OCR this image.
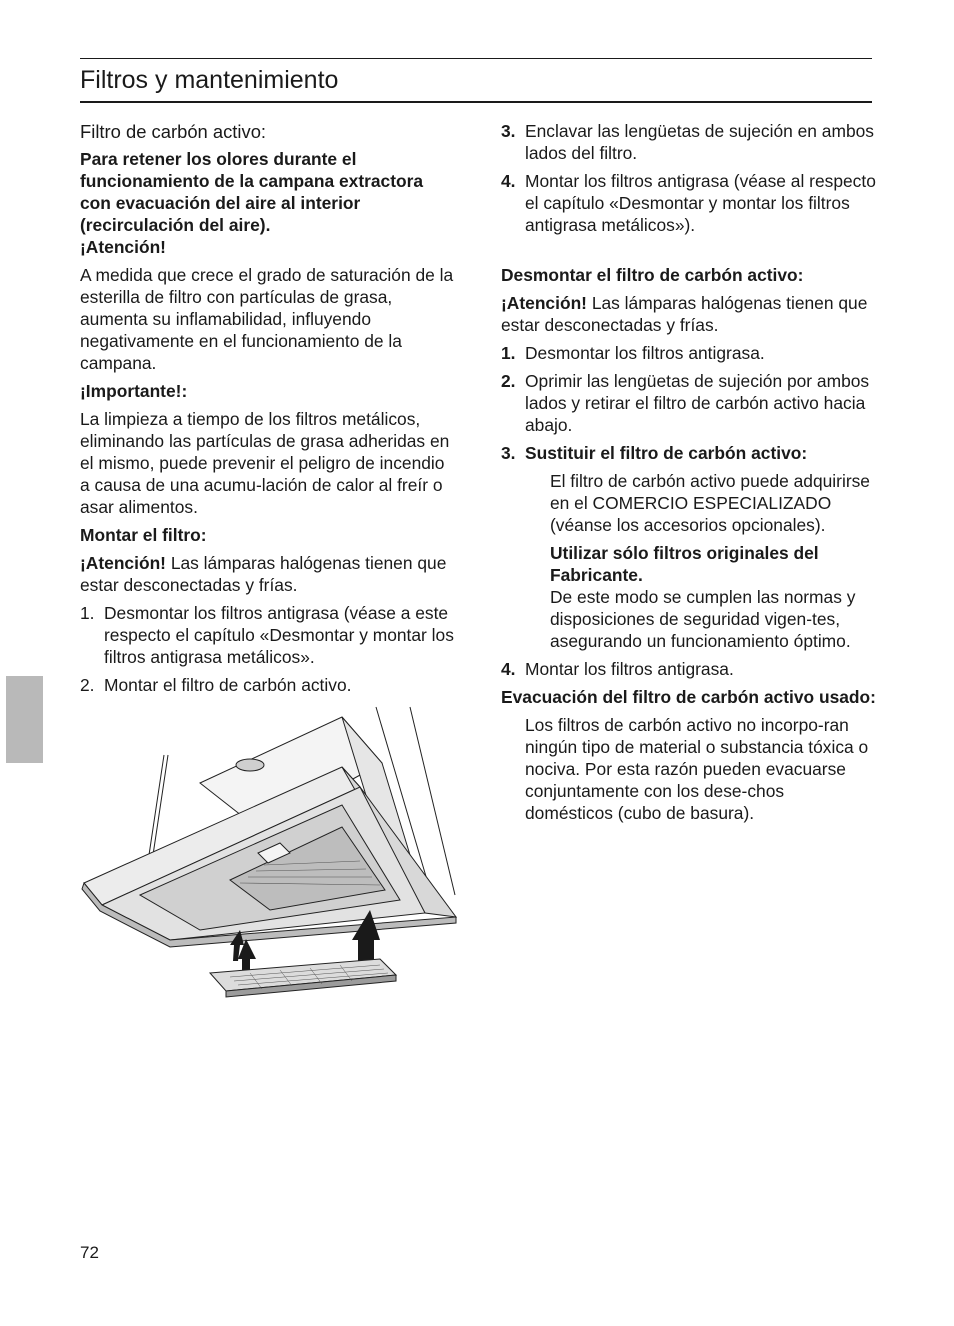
Filtros y mantenimiento
Filtro de carbón activo:

Para retener los olores durante el funcionamiento de la campana extractora con evacuación del aire al interior (recirculación del aire).

¡Atención!

A medida que crece el grado de saturación de la esterilla de filtro con partículas de grasa, aumenta su inflamabilidad, influyendo negativamente en el funcionamiento de la campana.

¡Importante!:

La limpieza a tiempo de los filtros metálicos, eliminando las partículas de grasa adheridas en el mismo, puede prevenir el peligro de incendio a causa de una acumu-lación de calor al freír o asar alimentos.

Montar el filtro:

¡Atención! Las lámparas halógenas tienen que estar desconectadas y frías.

1. Desmontar los filtros antigrasa (véase a este respecto el capítulo «Desmontar y montar los filtros antigrasa metálicos».
2. Montar el filtro de carbón activo.
3. Enclavar las lengüetas de sujeción en ambos lados del filtro.
4. Montar los filtros antigrasa (véase al respecto el capítulo «Desmontar y montar los filtros antigrasa metálicos»).

Desmontar el filtro de carbón activo:

¡Atención! Las lámparas halógenas tienen que estar desconectadas y frías.

1. Desmontar los filtros antigrasa.
2. Oprimir las lengüetas de sujeción por ambos lados y retirar el filtro de carbón activo hacia abajo.
3. Sustituir el filtro de carbón activo:

El filtro de carbón activo puede adquirirse en el COMERCIO ESPECIALIZADO (véanse los accesorios opcionales).

Utilizar sólo filtros originales del Fabricante.

De este modo se cumplen las normas y disposiciones de seguridad vigen-tes, asegurando un funcionamiento óptimo.

4. Montar los filtros antigrasa.

Evacuación del filtro de carbón activo usado:

Los filtros de carbón activo no incorpo-ran ningún tipo de material o substancia tóxica o nociva. Por esta razón pueden evacuarse conjuntamente con los dese-chos domésticos (cubo de basura).

72
